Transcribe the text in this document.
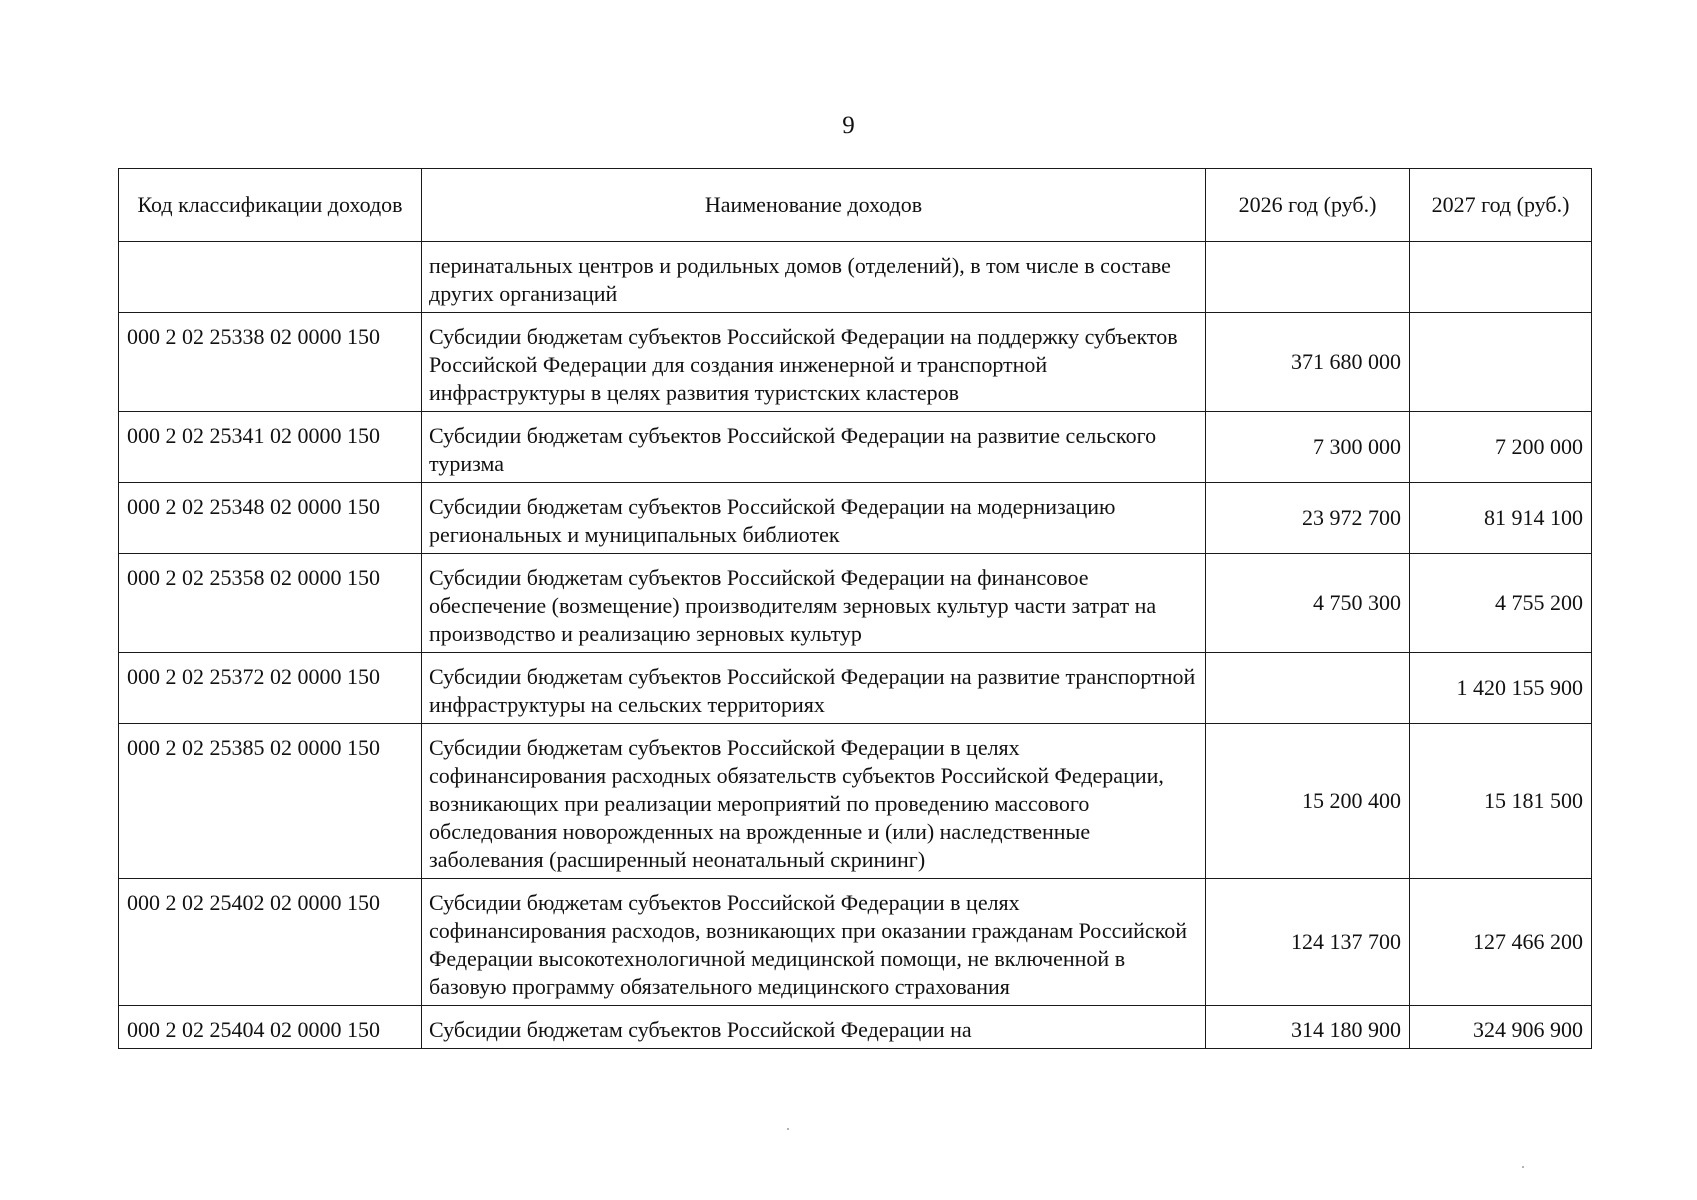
9
Код классификации доходов	Наименование доходов	2026 год (руб.)	2027 год (руб.)
	перинатальных центров и родильных домов (отделений), в том числе в составе других организаций		
000 2 02 25338 02 0000 150	Субсидии бюджетам субъектов Российской Федерации на поддержку субъектов Российской Федерации для создания инженерной и транспортной инфраструктуры в целях развития туристских кластеров	371 680 000	
000 2 02 25341 02 0000 150	Субсидии бюджетам субъектов Российской Федерации на развитие сельского туризма	7 300 000	7 200 000
000 2 02 25348 02 0000 150	Субсидии бюджетам субъектов Российской Федерации на модернизацию региональных и муниципальных библиотек	23 972 700	81 914 100
000 2 02 25358 02 0000 150	Субсидии бюджетам субъектов Российской Федерации на финансовое обеспечение (возмещение) производителям зерновых культур части затрат на производство и реализацию зерновых культур	4 750 300	4 755 200
000 2 02 25372 02 0000 150	Субсидии бюджетам субъектов Российской Федерации на развитие транспортной инфраструктуры на сельских территориях		1 420 155 900
000 2 02 25385 02 0000 150	Субсидии бюджетам субъектов Российской Федерации в целях софинансирования расходных обязательств субъектов Российской Федерации, возникающих при реализации мероприятий по проведению массового обследования новорожденных на врожденные и (или) наследственные заболевания (расширенный неонатальный скрининг)	15 200 400	15 181 500
000 2 02 25402 02 0000 150	Субсидии бюджетам субъектов Российской Федерации в целях софинансирования расходов, возникающих при оказании гражданам Российской Федерации высокотехнологичной медицинской помощи, не включенной в базовую программу обязательного медицинского страхования	124 137 700	127 466 200
000 2 02 25404 02 0000 150	Субсидии бюджетам субъектов Российской Федерации на	314 180 900	324 906 900
